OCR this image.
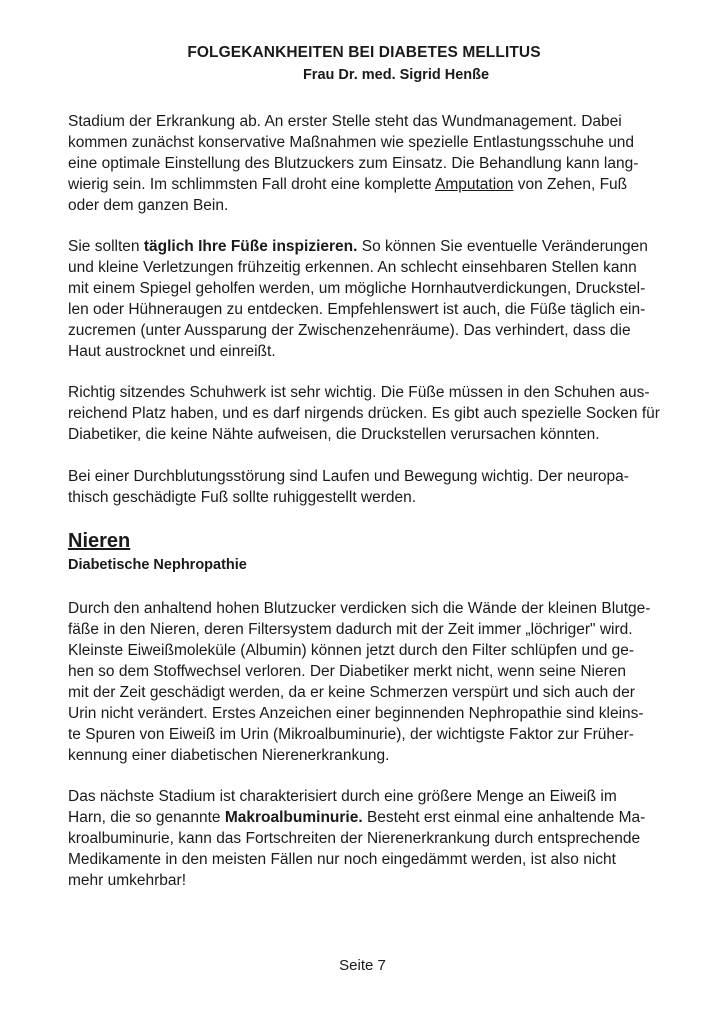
FOLGEKANKHEITEN BEI DIABETES MELLITUS
Frau Dr. med. Sigrid Henße
Stadium der Erkrankung ab. An erster Stelle steht das Wundmanagement. Dabei
kommen zunächst konservative Maßnahmen wie spezielle Entlastungsschuhe und
eine optimale Einstellung des Blutzuckers zum Einsatz. Die Behandlung kann lang-
wierig sein. Im schlimmsten Fall droht eine komplette Amputation von Zehen, Fuß
oder dem ganzen Bein.
Sie sollten täglich Ihre Füße inspizieren. So können Sie eventuelle Veränderungen
und kleine Verletzungen frühzeitig erkennen. An schlecht einsehbaren Stellen kann
mit einem Spiegel geholfen werden, um mögliche Hornhautverdickungen, Druckstel-
len oder Hühneraugen zu entdecken. Empfehlenswert ist auch, die Füße täglich ein-
zucremen (unter Aussparung der Zwischenzehenräume). Das verhindert, dass die
Haut austrocknet und einreißt.
Richtig sitzendes Schuhwerk ist sehr wichtig. Die Füße müssen in den Schuhen aus-
reichend Platz haben, und es darf nirgends drücken. Es gibt auch spezielle Socken für
Diabetiker, die keine Nähte aufweisen, die Druckstellen verursachen könnten.
Bei einer Durchblutungsstörung sind Laufen und Bewegung wichtig. Der neuropa-
thisch geschädigte Fuß sollte ruhiggestellt werden.
Nieren
Diabetische Nephropathie
Durch den anhaltend hohen Blutzucker verdicken sich die Wände der kleinen Blutge-
fäße in den Nieren, deren Filtersystem dadurch mit der Zeit immer „löchriger" wird.
Kleinste Eiweißmoleküle (Albumin) können jetzt durch den Filter schlüpfen und ge-
hen so dem Stoffwechsel verloren. Der Diabetiker merkt nicht, wenn seine Nieren
mit der Zeit geschädigt werden, da er keine Schmerzen verspürt und sich auch der
Urin nicht verändert. Erstes Anzeichen einer beginnenden Nephropathie sind kleins-
te Spuren von Eiweiß im Urin (Mikroalbuminurie), der wichtigste Faktor zur Früher-
kennung einer diabetischen Nierenerkrankung.
Das nächste Stadium ist charakterisiert durch eine größere Menge an Eiweiß im
Harn, die so genannte Makroalbuminurie. Besteht erst einmal eine anhaltende Ma-
kroalbuminurie, kann das Fortschreiten der Nierenerkrankung durch entsprechende
Medikamente in den meisten Fällen nur noch eingedämmt werden, ist also nicht
mehr umkehrbar!
Seite 7
